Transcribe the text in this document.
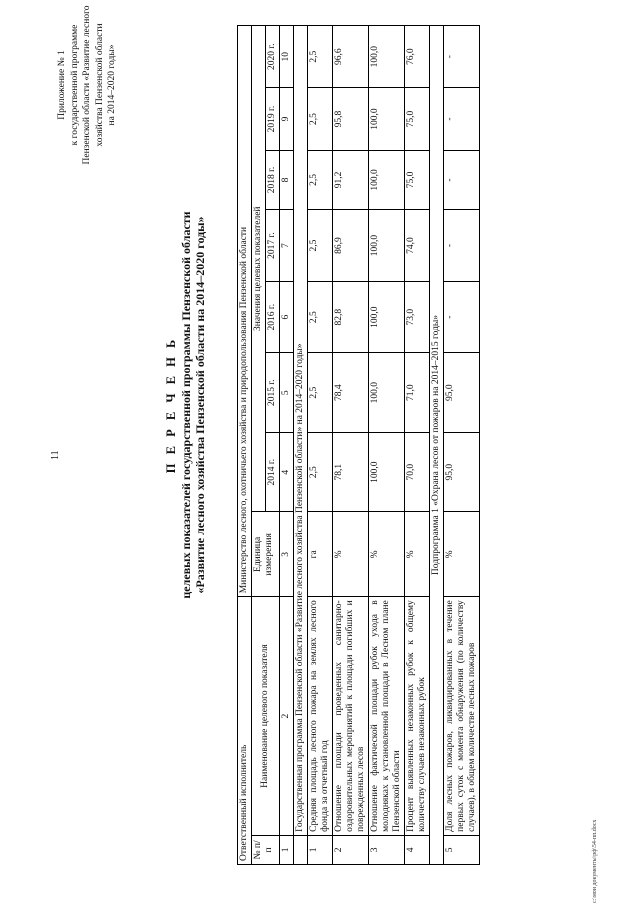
11
Приложение № 1 к государственной программе Пензенской области «Развитие лесного хозяйства Пензенской области на 2014–2020 годы»
П Е Р Е Ч Е Н Ь целевых показателей государственной программы Пензенской области «Развитие лесного хозяйства Пензенской области на 2014–2020 годы»
Ответственный исполнитель		Министерство лесного, охотничьего хозяйства и природопользования Пензенской области							
№ п/п	Наименование целевого показателя	Единица измерения	Значения целевых показателей						
			2014 г.	2015 г.	2016 г.	2017 г.	2018 г.	2019 г.	2020 г.
1	2	3	4	5	6	7	8	9	10
	Государственная программа Пензенской области «Развитие лесного хозяйства Пензенской области» на 2014–2020 годы»								
1	Средняя площадь лесного пожара на землях лесного фонда за отчетный год	га	2,5	2,5	2,5	2,5	2,5	2,5	2,5
2	Отношение площади проведенных санитарно-оздоровительных мероприятий к площади погибших и поврежденных лесов	%	78,1	78,4	82,8	86,9	91,2	95,8	96,6
3	Отношение фактической площади рубок ухода в молодняках к установленной площади в Лесном плане Пензенской области	%	100,0	100,0	100,0	100,0	100,0	100,0	100,0
4	Процент выявленных незаконных рубок к общему количеству случаев незаконных рубок	%	70,0	71,0	73,0	74,0	75,0	75,0	76,0
Подпрограмма 1 «Охрана лесов от пожаров на 2014–2015 годы»									
5	Доля лесных пожаров, ликвидированных в течение первых суток с момента обнаружения (по количеству случаев), в общем количестве лесных пожаров	%	95,0	95,0	-	-	-	-	-
c:\мои документы\рф\54-пп.docx
